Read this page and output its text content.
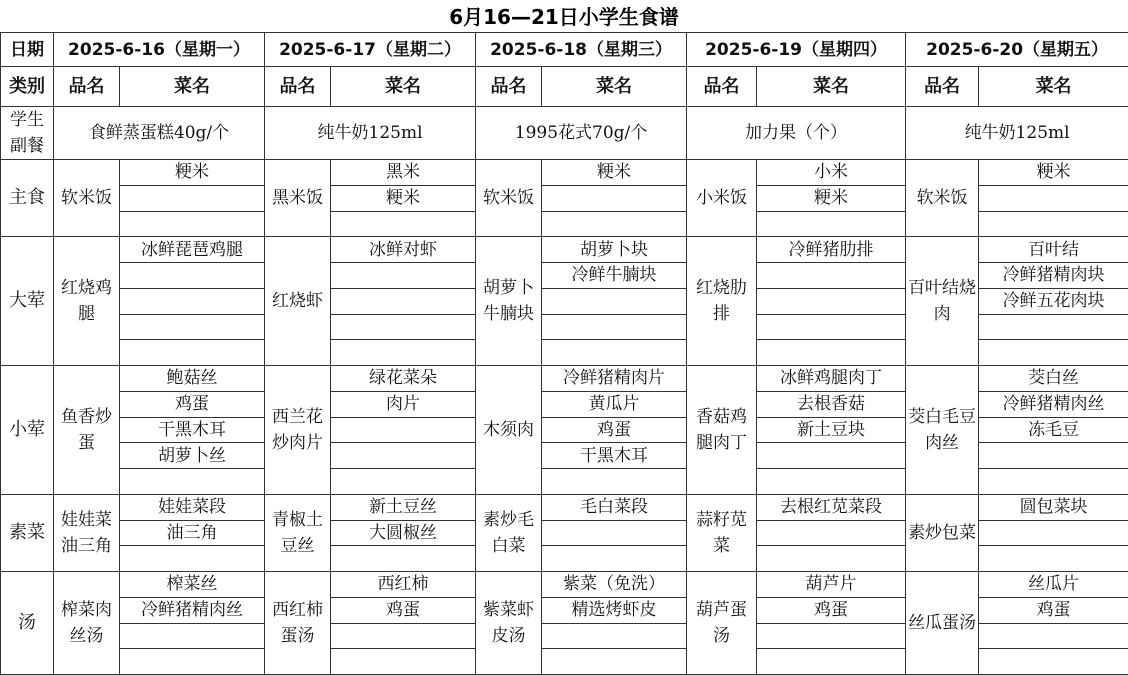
6月16—21日小学生食谱
日期	2025-6-16（星期一）		2025-6-17（星期二）		2025-6-18（星期三）		2025-6-19（星期四）		2025-6-20（星期五）	
类别	品名	菜名	品名	菜名	品名	菜名	品名	菜名	品名	菜名
学生副餐	食鲜蒸蛋糕40g/个		纯牛奶125ml		1995花式70g/个		加力果（个）		纯牛奶125ml	
主食	软米饭	粳米	黑米饭	黑米	软米饭	粳米	小米饭	小米	软米饭	粳米
				粳米				粳米		

大荤	红烧鸡腿	冰鲜琵琶鸡腿	红烧虾	冰鲜对虾	胡萝卜牛腩块	胡萝卜块	红烧肋排	冷鲜猪肋排	百叶结烧肉	百叶结
						冷鲜牛腩块				冷鲜猪精肉块
										冷鲜五花肉块

小荤	鱼香炒蛋	鲍菇丝	西兰花炒肉片	绿花菜朵	木须肉	冷鲜猪精肉片	香菇鸡腿肉丁	冰鲜鸡腿肉丁	茭白毛豆肉丝	茭白丝
		鸡蛋		肉片		黄瓜片		去根香菇		冷鲜猪精肉丝
		干黑木耳				鸡蛋		新土豆块		冻毛豆
		胡萝卜丝				干黑木耳				

素菜	娃娃菜油三角	娃娃菜段	青椒土豆丝	新土豆丝	素炒毛白菜	毛白菜段	蒜籽苋菜	去根红苋菜段	素炒包菜	圆包菜块
		油三角		大圆椒丝						

汤	榨菜肉丝汤	榨菜丝	西红柿蛋汤	西红柿	紫菜虾皮汤	紫菜（免洗）	葫芦蛋汤	葫芦片	丝瓜蛋汤	丝瓜片
		冷鲜猪精肉丝		鸡蛋		精选烤虾皮		鸡蛋		鸡蛋
